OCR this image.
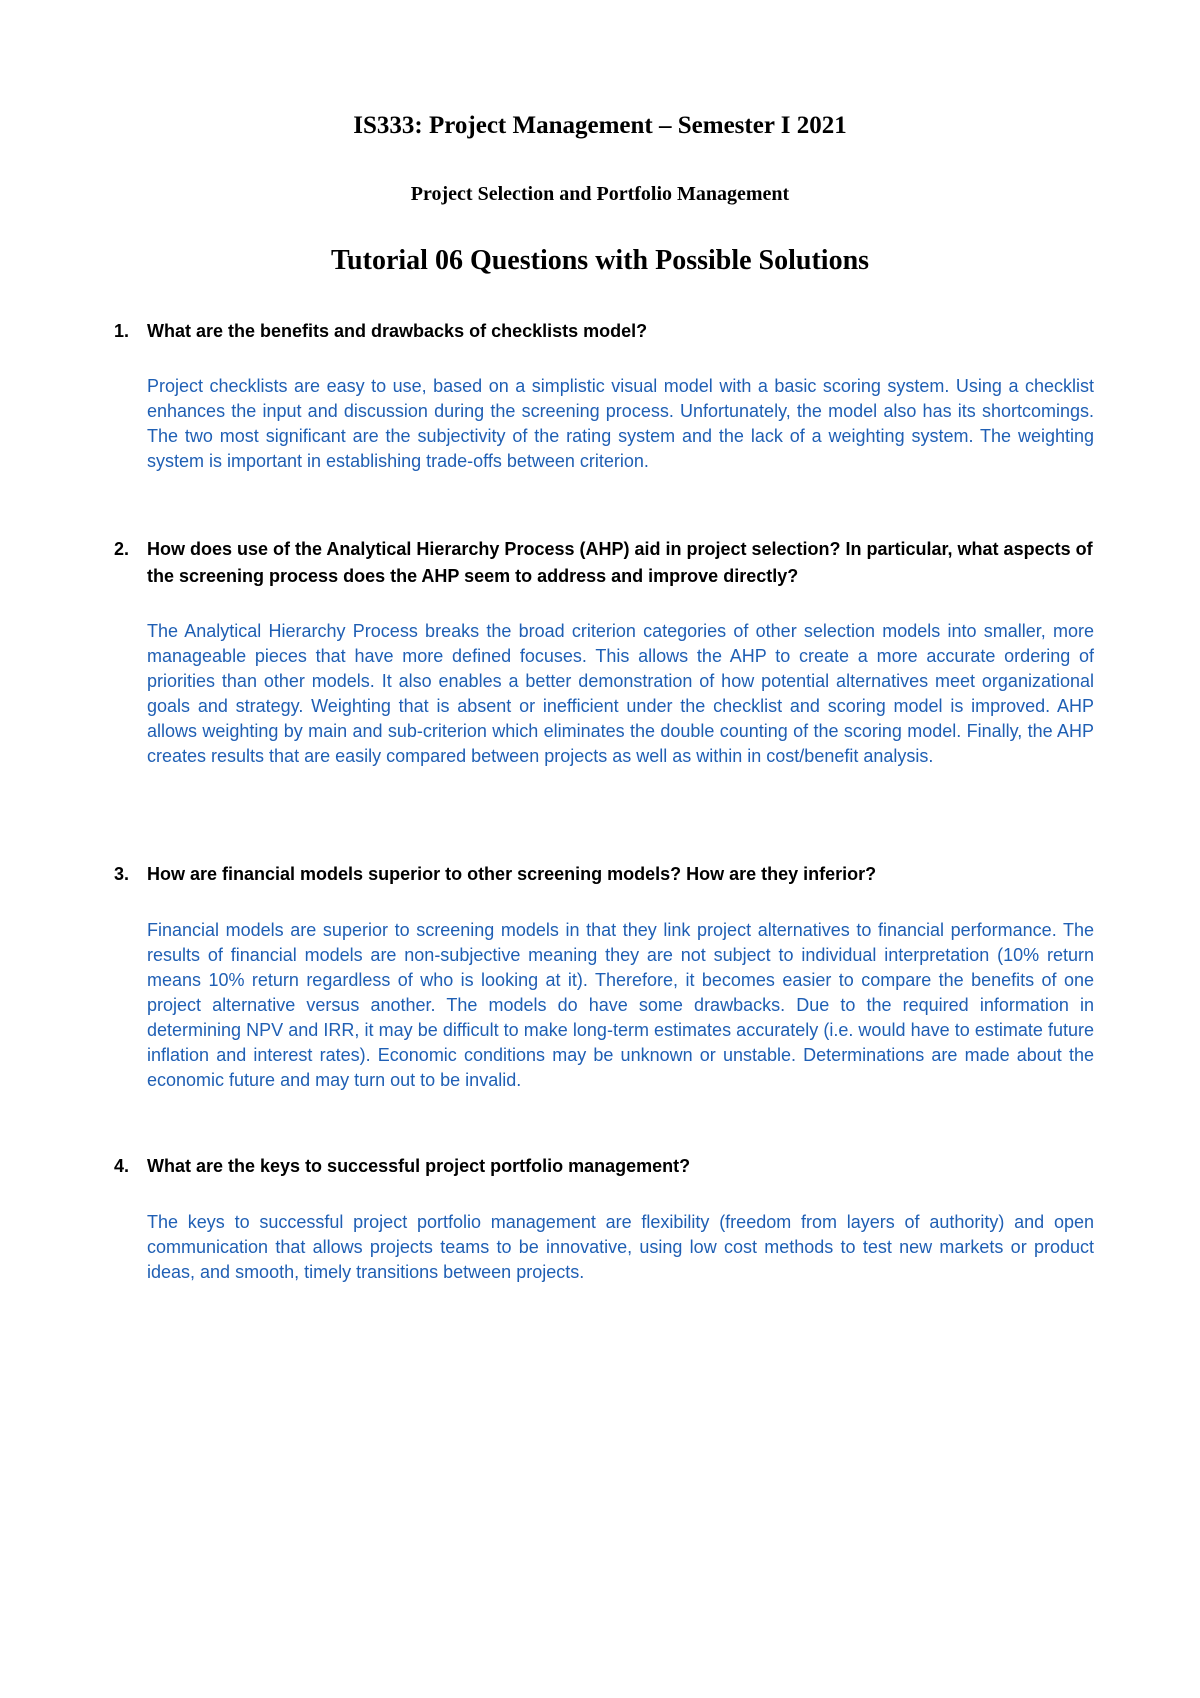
IS333: Project Management – Semester I 2021
Project Selection and Portfolio Management
Tutorial 06 Questions with Possible Solutions
1. What are the benefits and drawbacks of checklists model?

Project checklists are easy to use, based on a simplistic visual model with a basic scoring system. Using a checklist enhances the input and discussion during the screening process. Unfortunately, the model also has its shortcomings. The two most significant are the subjectivity of the rating system and the lack of a weighting system. The weighting system is important in establishing trade-offs between criterion.

2. How does use of the Analytical Hierarchy Process (AHP) aid in project selection? In particular, what aspects of the screening process does the AHP seem to address and improve directly?

The Analytical Hierarchy Process breaks the broad criterion categories of other selection models into smaller, more manageable pieces that have more defined focuses. This allows the AHP to create a more accurate ordering of priorities than other models. It also enables a better demonstration of how potential alternatives meet organizational goals and strategy. Weighting that is absent or inefficient under the checklist and scoring model is improved. AHP allows weighting by main and sub-criterion which eliminates the double counting of the scoring model. Finally, the AHP creates results that are easily compared between projects as well as within in cost/benefit analysis.

3. How are financial models superior to other screening models? How are they inferior?

Financial models are superior to screening models in that they link project alternatives to financial performance. The results of financial models are non-subjective meaning they are not subject to individual interpretation (10% return means 10% return regardless of who is looking at it). Therefore, it becomes easier to compare the benefits of one project alternative versus another. The models do have some drawbacks. Due to the required information in determining NPV and IRR, it may be difficult to make long-term estimates accurately (i.e. would have to estimate future inflation and interest rates). Economic conditions may be unknown or unstable. Determinations are made about the economic future and may turn out to be invalid.

4. What are the keys to successful project portfolio management?

The keys to successful project portfolio management are flexibility (freedom from layers of authority) and open communication that allows projects teams to be innovative, using low cost methods to test new markets or product ideas, and smooth, timely transitions between projects.
